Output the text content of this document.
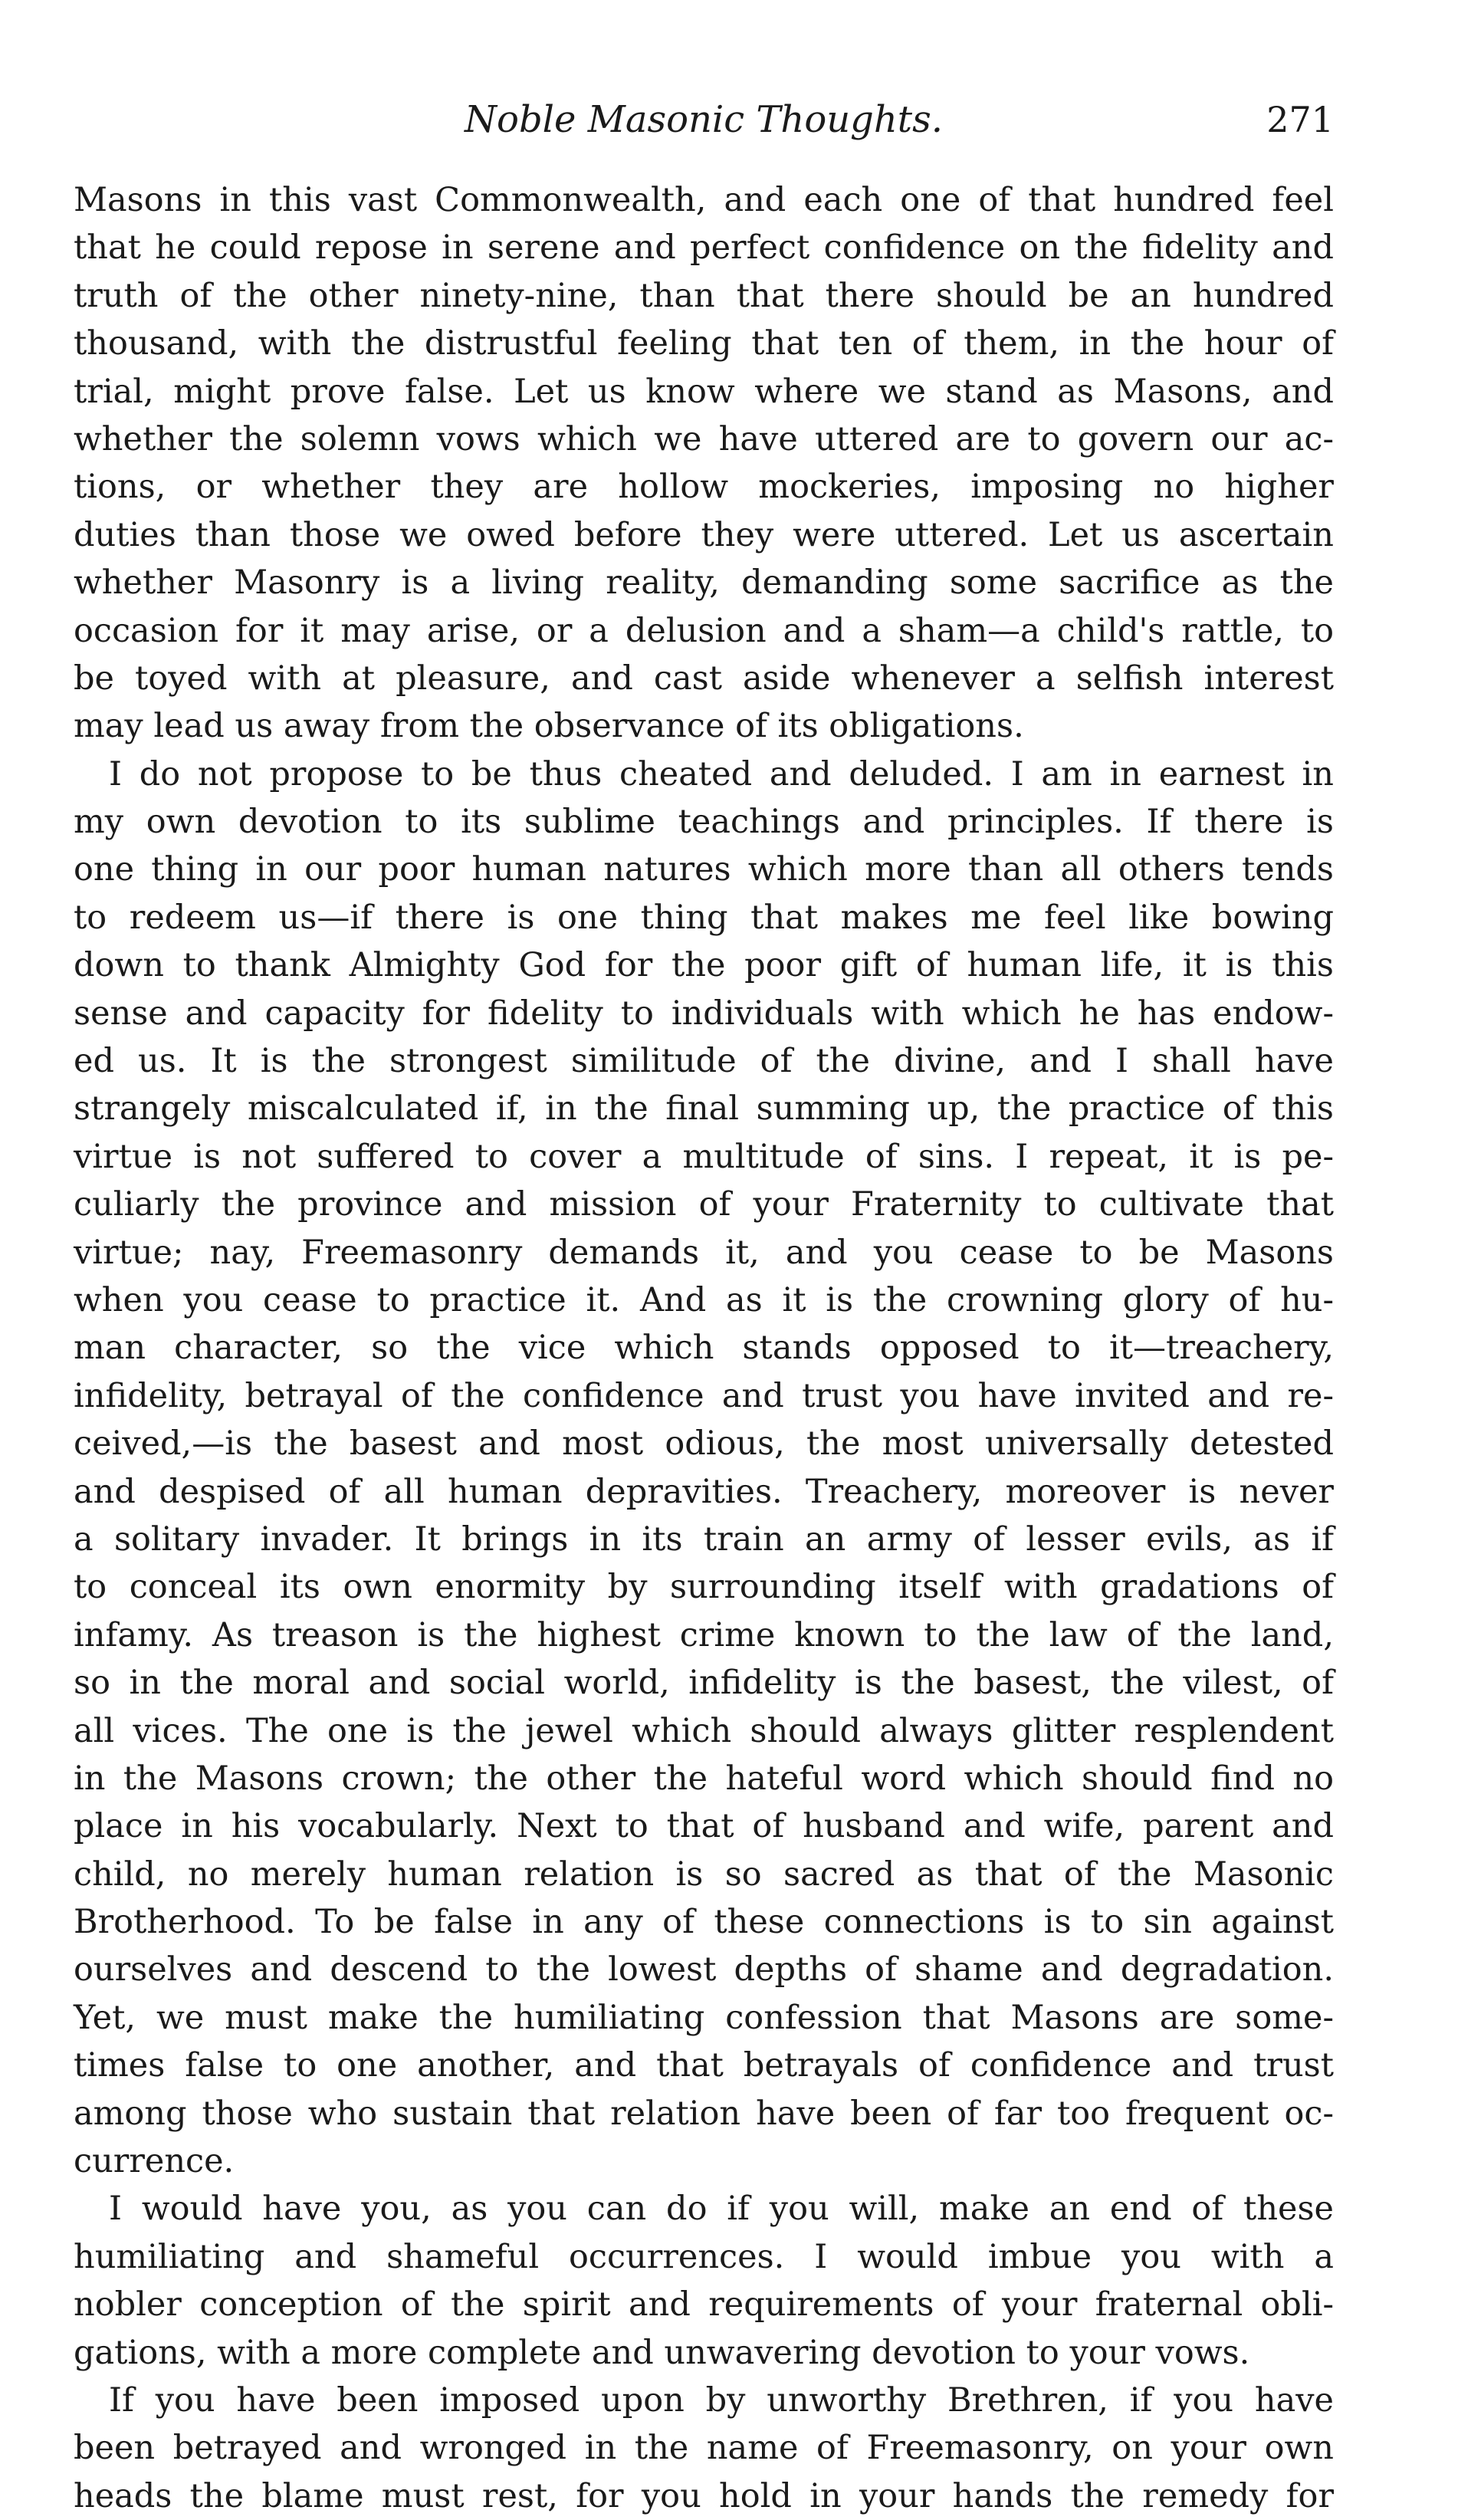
Noble Masonic Thoughts.	271
Masons in this vast Commonwealth, and each one of that hundred feel
that he could repose in serene and perfect confidence on the fidelity and
truth of the other ninety-nine, than that there should be an hundred
thousand, with the distrustful feeling that ten of them, in the hour of
trial, might prove false. Let us know where we stand as Masons, and
whether the solemn vows which we have uttered are to govern our ac-
tions, or whether they are hollow mockeries, imposing no higher
duties than those we owed before they were uttered. Let us ascertain
whether Masonry is a living reality, demanding some sacrifice as the
occasion for it may arise, or a delusion and a sham—a child's rattle, to
be toyed with at pleasure, and cast aside whenever a selfish interest
may lead us away from the observance of its obligations.
I do not propose to be thus cheated and deluded. I am in earnest in
my own devotion to its sublime teachings and principles. If there is
one thing in our poor human natures which more than all others tends
to redeem us—if there is one thing that makes me feel like bowing
down to thank Almighty God for the poor gift of human life, it is this
sense and capacity for fidelity to individuals with which he has endow-
ed us. It is the strongest similitude of the divine, and I shall have
strangely miscalculated if, in the final summing up, the practice of this
virtue is not suffered to cover a multitude of sins. I repeat, it is pe-
culiarly the province and mission of your Fraternity to cultivate that
virtue; nay, Freemasonry demands it, and you cease to be Masons
when you cease to practice it. And as it is the crowning glory of hu-
man character, so the vice which stands opposed to it—treachery,
infidelity, betrayal of the confidence and trust you have invited and re-
ceived,—is the basest and most odious, the most universally detested
and despised of all human depravities. Treachery, moreover is never
a solitary invader. It brings in its train an army of lesser evils, as if
to conceal its own enormity by surrounding itself with gradations of
infamy. As treason is the highest crime known to the law of the land,
so in the moral and social world, infidelity is the basest, the vilest, of
all vices. The one is the jewel which should always glitter resplendent
in the Masons crown; the other the hateful word which should find no
place in his vocabularly. Next to that of husband and wife, parent and
child, no merely human relation is so sacred as that of the Masonic
Brotherhood. To be false in any of these connections is to sin against
ourselves and descend to the lowest depths of shame and degradation.
Yet, we must make the humiliating confession that Masons are some-
times false to one another, and that betrayals of confidence and trust
among those who sustain that relation have been of far too frequent oc-
currence.
I would have you, as you can do if you will, make an end of these
humiliating and shameful occurrences. I would imbue you with a
nobler conception of the spirit and requirements of your fraternal obli-
gations, with a more complete and unwavering devotion to your vows.
If you have been imposed upon by unworthy Brethren, if you have
been betrayed and wronged in the name of Freemasonry, on your own
heads the blame must rest, for you hold in your hands the remedy for
